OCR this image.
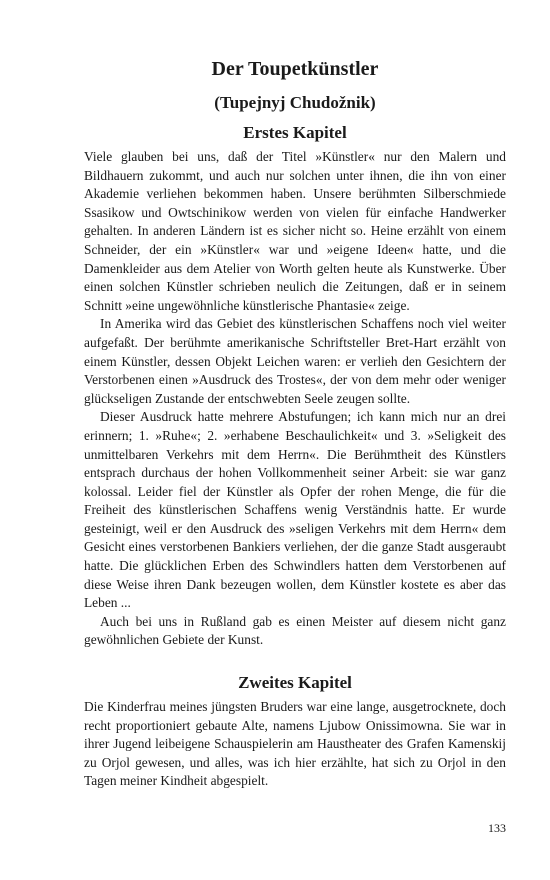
Der Toupetkünstler
(Tupejnyj Chudožnik)
Erstes Kapitel

Viele glauben bei uns, daß der Titel »Künstler« nur den Malern und Bildhauern zukommt, und auch nur solchen unter ihnen, die ihn von einer Akademie verliehen bekommen haben. Unsere berühmten Silberschmiede Ssasikow und Owtschinikow werden von vielen für einfache Handwerker gehalten. In anderen Ländern ist es sicher nicht so. Heine erzählt von einem Schneider, der ein »Künstler« war und »eigene Ideen« hatte, und die Damenkleider aus dem Atelier von Worth gelten heute als Kunstwerke. Über einen solchen Künstler schrieben neulich die Zeitungen, daß er in seinem Schnitt »eine ungewöhnliche künstlerische Phantasie« zeige.

In Amerika wird das Gebiet des künstlerischen Schaffens noch viel weiter aufgefaßt. Der berühmte amerikanische Schriftsteller Bret-Hart erzählt von einem Künstler, dessen Objekt Leichen waren: er verlieh den Gesichtern der Verstorbenen einen »Ausdruck des Trostes«, der von dem mehr oder weniger glückseligen Zustande der entschwebten Seele zeugen sollte.

Dieser Ausdruck hatte mehrere Abstufungen; ich kann mich nur an drei erinnern; 1. »Ruhe«; 2. »erhabene Beschaulichkeit« und 3. »Seligkeit des unmittelbaren Verkehrs mit dem Herrn«. Die Berühmtheit des Künstlers entsprach durchaus der hohen Vollkommenheit seiner Arbeit: sie war ganz kolossal. Leider fiel der Künstler als Opfer der rohen Menge, die für die Freiheit des künstlerischen Schaffens wenig Verständnis hatte. Er wurde gesteinigt, weil er den Ausdruck des »seligen Verkehrs mit dem Herrn« dem Gesicht eines verstorbenen Bankiers verliehen, der die ganze Stadt ausgeraubt hatte. Die glücklichen Erben des Schwindlers hatten dem Verstorbenen auf diese Weise ihren Dank bezeugen wollen, dem Künstler kostete es aber das Leben ...

Auch bei uns in Rußland gab es einen Meister auf diesem nicht ganz gewöhnlichen Gebiete der Kunst.

Zweites Kapitel

Die Kinderfrau meines jüngsten Bruders war eine lange, ausgetrocknete, doch recht proportioniert gebaute Alte, namens Ljubow Onissimowna. Sie war in ihrer Jugend leibeigene Schauspielerin am Haustheater des Grafen Kamenskij zu Orjol gewesen, und alles, was ich hier erzählte, hat sich zu Orjol in den Tagen meiner Kindheit abgespielt.

133
